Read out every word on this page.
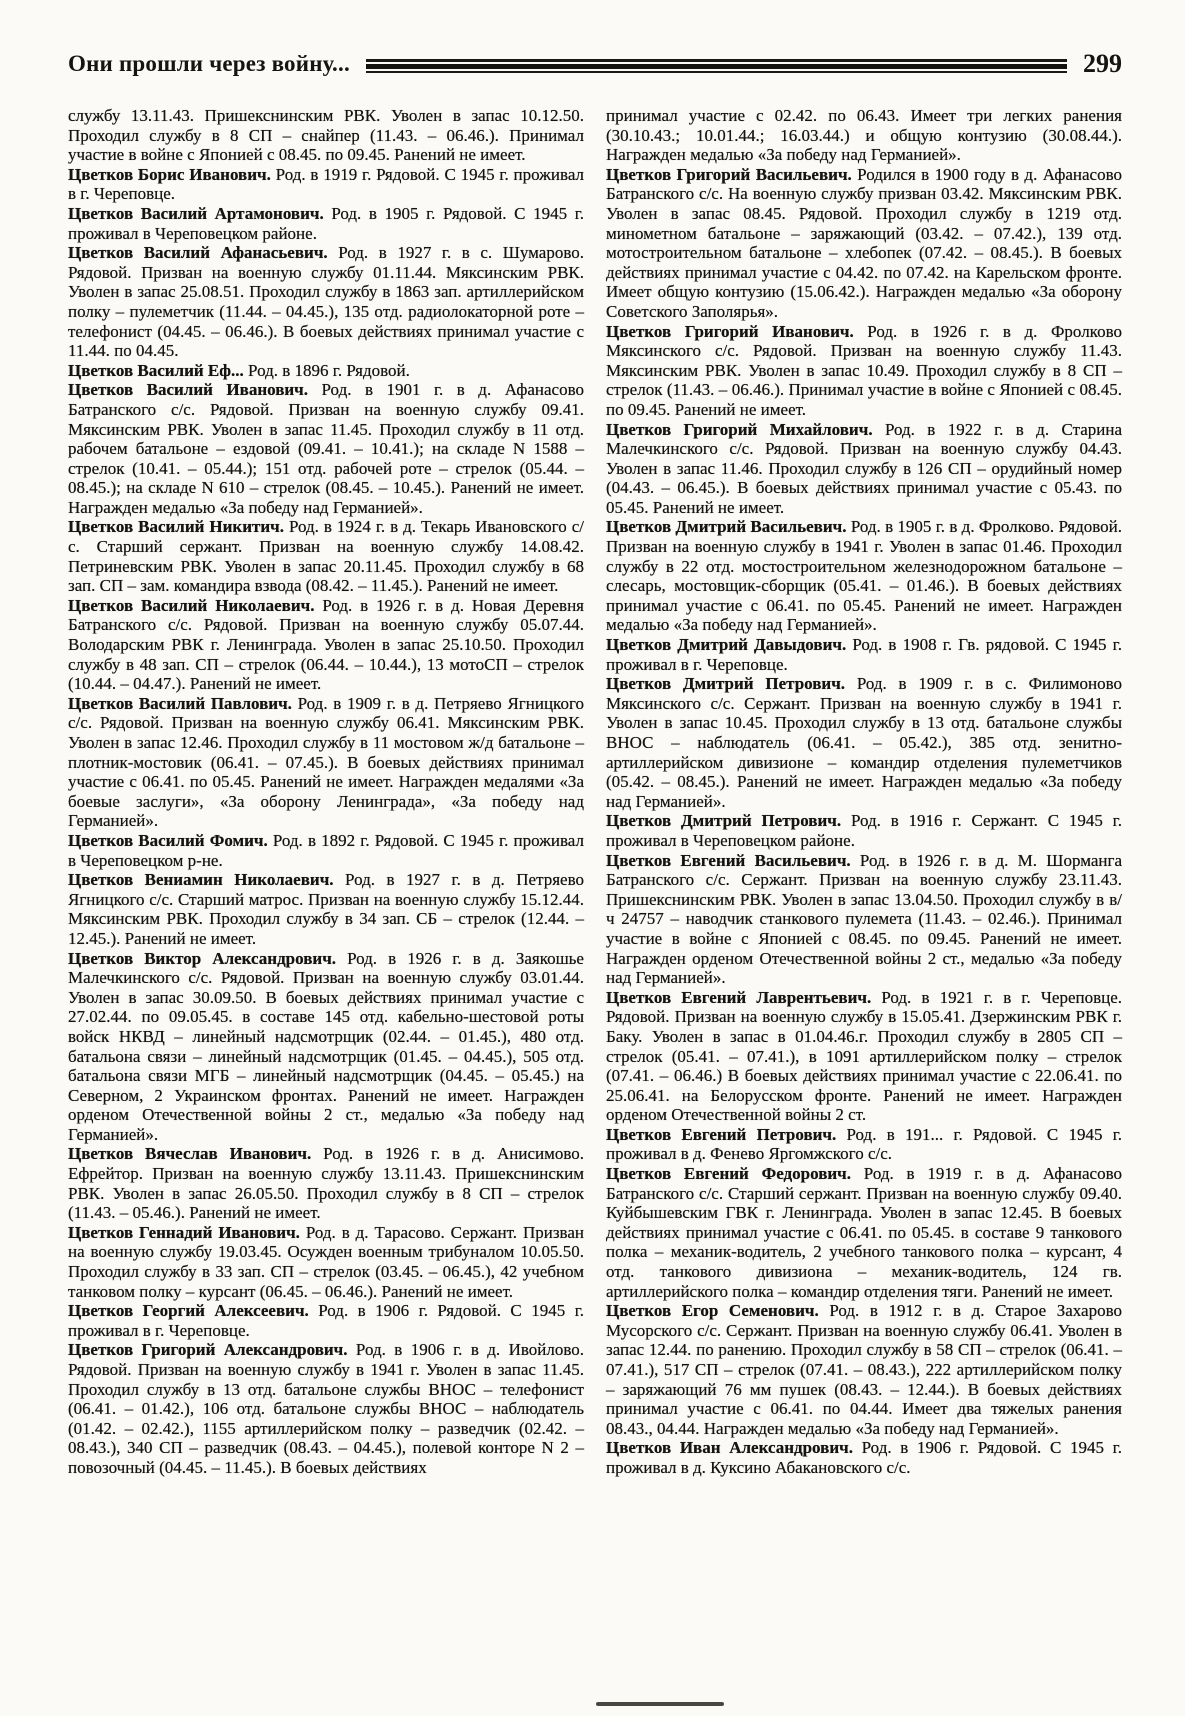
Они прошли через войну...	299

службу 13.11.43. Пришекснинским РВК. Уволен в запас 10.12.50. Проходил службу в 8 СП – снайпер (11.43. – 06.46.). Принимал участие в войне с Японией с 08.45. по 09.45. Ранений не имеет.

Цветков Борис Иванович. Род. в 1919 г. Рядовой. С 1945 г. проживал в г. Череповце.

Цветков Василий Артамонович. Род. в 1905 г. Рядовой. С 1945 г. проживал в Череповецком районе.

Цветков Василий Афанасьевич. Род. в 1927 г. в с. Шумарово. Рядовой. Призван на военную службу 01.11.44. Мяксинским РВК. Уволен в запас 25.08.51. Проходил службу в 1863 зап. артиллерийском полку – пулеметчик (11.44. – 04.45.), 135 отд. радиолокаторной роте – телефонист (04.45. – 06.46.). В боевых действиях принимал участие с 11.44. по 04.45.

Цветков Василий Еф... Род. в 1896 г. Рядовой.

Цветков Василий Иванович. Род. в 1901 г. в д. Афанасово Батранского с/с. Рядовой. Призван на военную службу 09.41. Мяксинским РВК. Уволен в запас 11.45. Проходил службу в 11 отд. рабочем батальоне – ездовой (09.41. – 10.41.); на складе N 1588 – стрелок (10.41. – 05.44.); 151 отд. рабочей роте – стрелок (05.44. – 08.45.); на складе N 610 – стрелок (08.45. – 10.45.). Ранений не имеет. Награжден медалью «За победу над Германией».

Цветков Василий Никитич. Род. в 1924 г. в д. Текарь Ивановского с/с. Старший сержант. Призван на военную службу 14.08.42. Петриневским РВК. Уволен в запас 20.11.45. Проходил службу в 68 зап. СП – зам. командира взвода (08.42. – 11.45.). Ранений не имеет.

Цветков Василий Николаевич. Род. в 1926 г. в д. Новая Деревня Батранского с/с. Рядовой. Призван на военную службу 05.07.44. Володарским РВК г. Ленинграда. Уволен в запас 25.10.50. Проходил службу в 48 зап. СП – стрелок (06.44. – 10.44.), 13 мотоСП – стрелок (10.44. – 04.47.). Ранений не имеет.

Цветков Василий Павлович. Род. в 1909 г. в д. Петряево Ягницкого с/с. Рядовой. Призван на военную службу 06.41. Мяксинским РВК. Уволен в запас 12.46. Проходил службу в 11 мостовом ж/д батальоне – плотник-мостовик (06.41. – 07.45.). В боевых действиях принимал участие с 06.41. по 05.45. Ранений не имеет. Награжден медалями «За боевые заслуги», «За оборону Ленинграда», «За победу над Германией».

Цветков Василий Фомич. Род. в 1892 г. Рядовой. С 1945 г. проживал в Череповецком р-не.

Цветков Вениамин Николаевич. Род. в 1927 г. в д. Петряево Ягницкого с/с. Старший матрос. Призван на военную службу 15.12.44. Мяксинским РВК. Проходил службу в 34 зап. СБ – стрелок (12.44. – 12.45.). Ранений не имеет.

Цветков Виктор Александрович. Род. в 1926 г. в д. Заякошье Малечкинского с/с. Рядовой. Призван на военную службу 03.01.44. Уволен в запас 30.09.50. В боевых действиях принимал участие с 27.02.44. по 09.05.45. в составе 145 отд. кабельно-шестовой роты войск НКВД – линейный надсмотрщик (02.44. – 01.45.), 480 отд. батальона связи – линейный надсмотрщик (01.45. – 04.45.), 505 отд. батальона связи МГБ – линейный надсмотрщик (04.45. – 05.45.) на Северном, 2 Украинском фронтах. Ранений не имеет. Награжден орденом Отечественной войны 2 ст., медалью «За победу над Германией».

Цветков Вячеслав Иванович. Род. в 1926 г. в д. Анисимово. Ефрейтор. Призван на военную службу 13.11.43. Пришекснинским РВК. Уволен в запас 26.05.50. Проходил службу в 8 СП – стрелок (11.43. – 05.46.). Ранений не имеет.

Цветков Геннадий Иванович. Род. в д. Тарасово. Сержант. Призван на военную службу 19.03.45. Осужден военным трибуналом 10.05.50. Проходил службу в 33 зап. СП – стрелок (03.45. – 06.45.), 42 учебном танковом полку – курсант (06.45. – 06.46.). Ранений не имеет.

Цветков Георгий Алексеевич. Род. в 1906 г. Рядовой. С 1945 г. проживал в г. Череповце.

Цветков Григорий Александрович. Род. в 1906 г. в д. Ивойлово. Рядовой. Призван на военную службу в 1941 г. Уволен в запас 11.45. Проходил службу в 13 отд. батальоне службы ВНОС – телефонист (06.41. – 01.42.), 106 отд. батальоне службы ВНОС – наблюдатель (01.42. – 02.42.), 1155 артиллерийском полку – разведчик (02.42. – 08.43.), 340 СП – разведчик (08.43. – 04.45.), полевой конторе N 2 – повозочный (04.45. – 11.45.). В боевых действиях

принимал участие с 02.42. по 06.43. Имеет три легких ранения (30.10.43.; 10.01.44.; 16.03.44.) и общую контузию (30.08.44.). Награжден медалью «За победу над Германией».

Цветков Григорий Васильевич. Родился в 1900 году в д. Афанасово Батранского с/с. На военную службу призван 03.42. Мяксинским РВК. Уволен в запас 08.45. Рядовой. Проходил службу в 1219 отд. минометном батальоне – заряжающий (03.42. – 07.42.), 139 отд. мотостроительном батальоне – хлебопек (07.42. – 08.45.). В боевых действиях принимал участие с 04.42. по 07.42. на Карельском фронте. Имеет общую контузию (15.06.42.). Награжден медалью «За оборону Советского Заполярья».

Цветков Григорий Иванович. Род. в 1926 г. в д. Фролково Мяксинского с/с. Рядовой. Призван на военную службу 11.43. Мяксинским РВК. Уволен в запас 10.49. Проходил службу в 8 СП – стрелок (11.43. – 06.46.). Принимал участие в войне с Японией с 08.45. по 09.45. Ранений не имеет.

Цветков Григорий Михайлович. Род. в 1922 г. в д. Старина Малечкинского с/с. Рядовой. Призван на военную службу 04.43. Уволен в запас 11.46. Проходил службу в 126 СП – орудийный номер (04.43. – 06.45.). В боевых действиях принимал участие с 05.43. по 05.45. Ранений не имеет.

Цветков Дмитрий Васильевич. Род. в 1905 г. в д. Фролково. Рядовой. Призван на военную службу в 1941 г. Уволен в запас 01.46. Проходил службу в 22 отд. мостостроительном железнодорожном батальоне – слесарь, мостовщик-сборщик (05.41. – 01.46.). В боевых действиях принимал участие с 06.41. по 05.45. Ранений не имеет. Награжден медалью «За победу над Германией».

Цветков Дмитрий Давыдович. Род. в 1908 г. Гв. рядовой. С 1945 г. проживал в г. Череповце.

Цветков Дмитрий Петрович. Род. в 1909 г. в с. Филимоново Мяксинского с/с. Сержант. Призван на военную службу в 1941 г. Уволен в запас 10.45. Проходил службу в 13 отд. батальоне службы ВНОС – наблюдатель (06.41. – 05.42.), 385 отд. зенитно-артиллерийском дивизионе – командир отделения пулеметчиков (05.42. – 08.45.). Ранений не имеет. Награжден медалью «За победу над Германией».

Цветков Дмитрий Петрович. Род. в 1916 г. Сержант. С 1945 г. проживал в Череповецком районе.

Цветков Евгений Васильевич. Род. в 1926 г. в д. М. Шорманга Батранского с/с. Сержант. Призван на военную службу 23.11.43. Пришекснинским РВК. Уволен в запас 13.04.50. Проходил службу в в/ч 24757 – наводчик станкового пулемета (11.43. – 02.46.). Принимал участие в войне с Японией с 08.45. по 09.45. Ранений не имеет. Награжден орденом Отечественной войны 2 ст., медалью «За победу над Германией».

Цветков Евгений Лаврентьевич. Род. в 1921 г. в г. Череповце. Рядовой. Призван на военную службу в 15.05.41. Дзержинским РВК г. Баку. Уволен в запас в 01.04.46.г. Проходил службу в 2805 СП – стрелок (05.41. – 07.41.), в 1091 артиллерийском полку – стрелок (07.41. – 06.46.) В боевых действиях принимал участие с 22.06.41. по 25.06.41. на Белорусском фронте. Ранений не имеет. Награжден орденом Отечественной войны 2 ст.

Цветков Евгений Петрович. Род. в 191... г. Рядовой. С 1945 г. проживал в д. Фенево Яргомжского с/с.

Цветков Евгений Федорович. Род. в 1919 г. в д. Афанасово Батранского с/с. Старший сержант. Призван на военную службу 09.40. Куйбышевским ГВК г. Ленинграда. Уволен в запас 12.45. В боевых действиях принимал участие с 06.41. по 05.45. в составе 9 танкового полка – механик-водитель, 2 учебного танкового полка – курсант, 4 отд. танкового дивизиона – механик-водитель, 124 гв. артиллерийского полка – командир отделения тяги. Ранений не имеет.

Цветков Егор Семенович. Род. в 1912 г. в д. Старое Захарово Мусорского с/с. Сержант. Призван на военную службу 06.41. Уволен в запас 12.44. по ранению. Проходил службу в 58 СП – стрелок (06.41. – 07.41.), 517 СП – стрелок (07.41. – 08.43.), 222 артиллерийском полку – заряжающий 76 мм пушек (08.43. – 12.44.). В боевых действиях принимал участие с 06.41. по 04.44. Имеет два тяжелых ранения 08.43., 04.44. Награжден медалью «За победу над Германией».

Цветков Иван Александрович. Род. в 1906 г. Рядовой. С 1945 г. проживал в д. Куксино Абакановского с/с.
